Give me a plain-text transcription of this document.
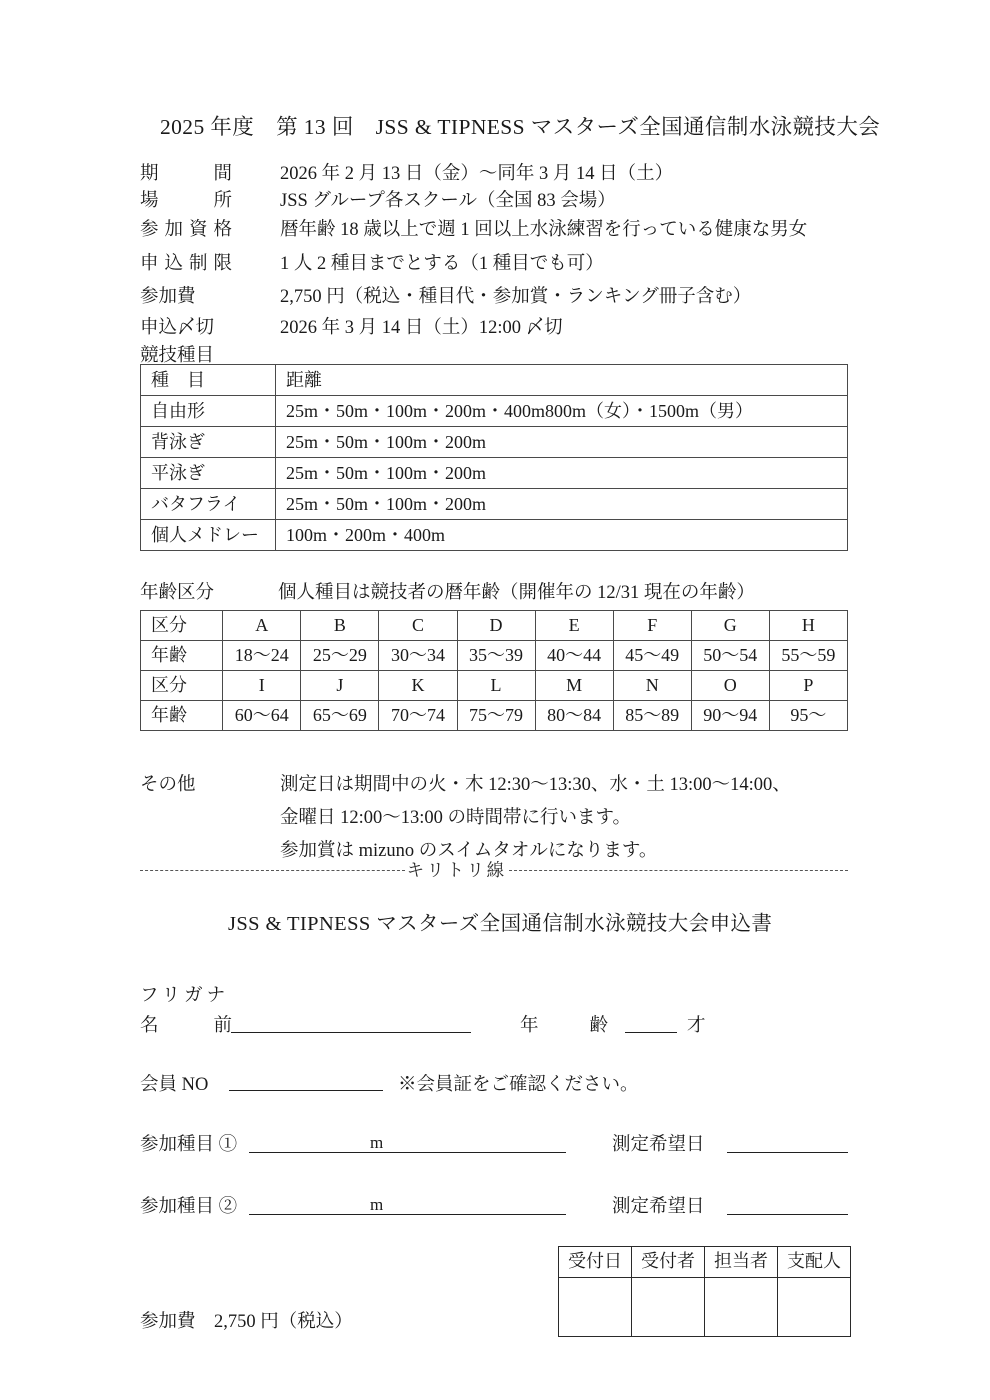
2025 年度　第 13 回　JSS & TIPNESS マスターズ全国通信制水泳競技大会
期　　間	2026 年 2 月 13 日（金）〜同年 3 月 14 日（土）
場　　所	JSS グループ各スクール（全国 83 会場）
参加資格	暦年齢 18 歳以上で週 1 回以上水泳練習を行っている健康な男女
申込制限	1 人 2 種目までとする（1 種目でも可）
参加費	2,750 円（税込・種目代・参加賞・ランキング冊子含む）
申込〆切	2026 年 3 月 14 日（土）12:00 〆切
競技種目
種　目	距離
自由形	25m・50m・100m・200m・400m800m（女）・1500m（男）
背泳ぎ	25m・50m・100m・200m
平泳ぎ	25m・50m・100m・200m
バタフライ	25m・50m・100m・200m
個人メドレー	100m・200m・400m
年齢区分	個人種目は競技者の暦年齢（開催年の 12/31 現在の年齢）
区分	A	B	C	D	E	F	G	H
年齢	18〜24	25〜29	30〜34	35〜39	40〜44	45〜49	50〜54	55〜59
区分	I	J	K	L	M	N	O	P
年齢	60〜64	65〜69	70〜74	75〜79	80〜84	85〜89	90〜94	95〜
その他	測定日は期間中の火・木 12:30〜13:30、水・土 13:00〜14:00、
金曜日 12:00〜13:00 の時間帯に行います。
参加賞は mizuno のスイムタオルになります。
キリトリ線
JSS & TIPNESS マスターズ全国通信制水泳競技大会申込書
フリガナ
名　　前	年　　齢	才
会員 NO	※会員証をご確認ください。
参加種目 ①	m	測定希望日
参加種目 ②	m	測定希望日
受付日	受付者	担当者	支配人

参加費　2,750 円（税込）
